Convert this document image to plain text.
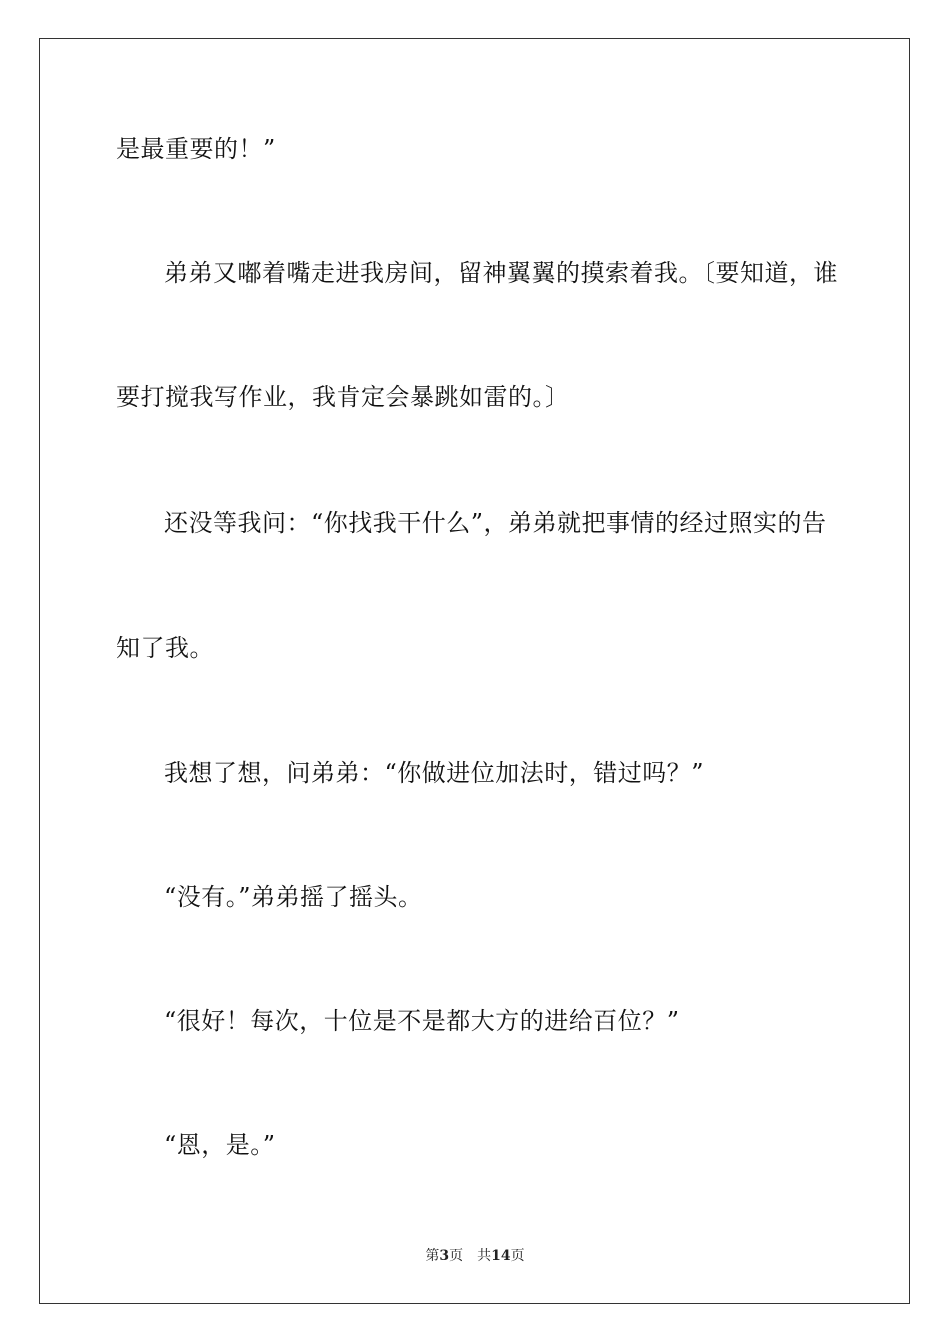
是最重要的！”
弟弟又嘟着嘴走进我房间，留神翼翼的摸索着我。〔要知道，谁
要打搅我写作业，我肯定会暴跳如雷的。〕
还没等我问：“你找我干什么”，弟弟就把事情的经过照实的告
知了我。
我想了想，问弟弟：“你做进位加法时，错过吗？”
“没有。”弟弟摇了摇头。
“很好！每次，十位是不是都大方的进给百位？”
“恩，是。”
第3页 共14页
